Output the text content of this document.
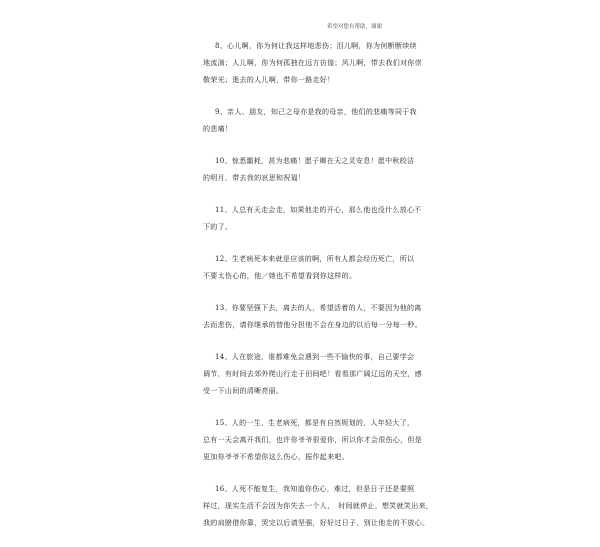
希望对您有帮助，谢谢
8、心儿啊，你为何让我这样地悲伤；泪儿啊，你为何断断续续
地流淌；人儿啊，你为何孤独在远方彷徨；风儿啊，带去我们对你崇
敬荣光；逝去的人儿啊，带你一路走好！
9、亲人、朋友，知己之母亦是我的母亲，他们的悲痛等同于我
的悲痛！
10、惊悉噩耗，甚为悲痛！愿子卿在天之灵安息！愿中秋皎洁
的明月，带去我的哀思和祝福！
11、人总有天走会走，如果他走的开心，那么他也没什么放心不
下的了。
12、生老病死本来就是应该的啊，所有人都会经历死亡，所以
不要太伤心的，他／她也不希望看到你这样的。
13、你要坚强下去，离去的人，希望活着的人，不要因为他的离
去而悲伤，请你继承的替他分担他不会在身边的以后每一分每一秒。
14、人在旅途，谁都难免会遇到一些不愉快的事，自己要学会
调节，有时间去郊外爬山行走于田间吧！看看那广阔辽远的天空，感
受一下山间的清晰亮丽。
15、人的一生，生老病死，都是有自然规划的，人年轻大了，
总有一天会离开我们，也许你爷爷很爱你，所以你才会很伤心，但是
更加你爷爷不希望你这么伤心，振作起来吧。
16、人死不能复生，我知道你伤心，难过，但是日子还是要照
样过，现实生活不会因为你失去一个人，　时间就停止，想笑就笑出来，
我的肩膀借你靠，哭完以后请坚强，好好过日子，别让他走的不放心。
